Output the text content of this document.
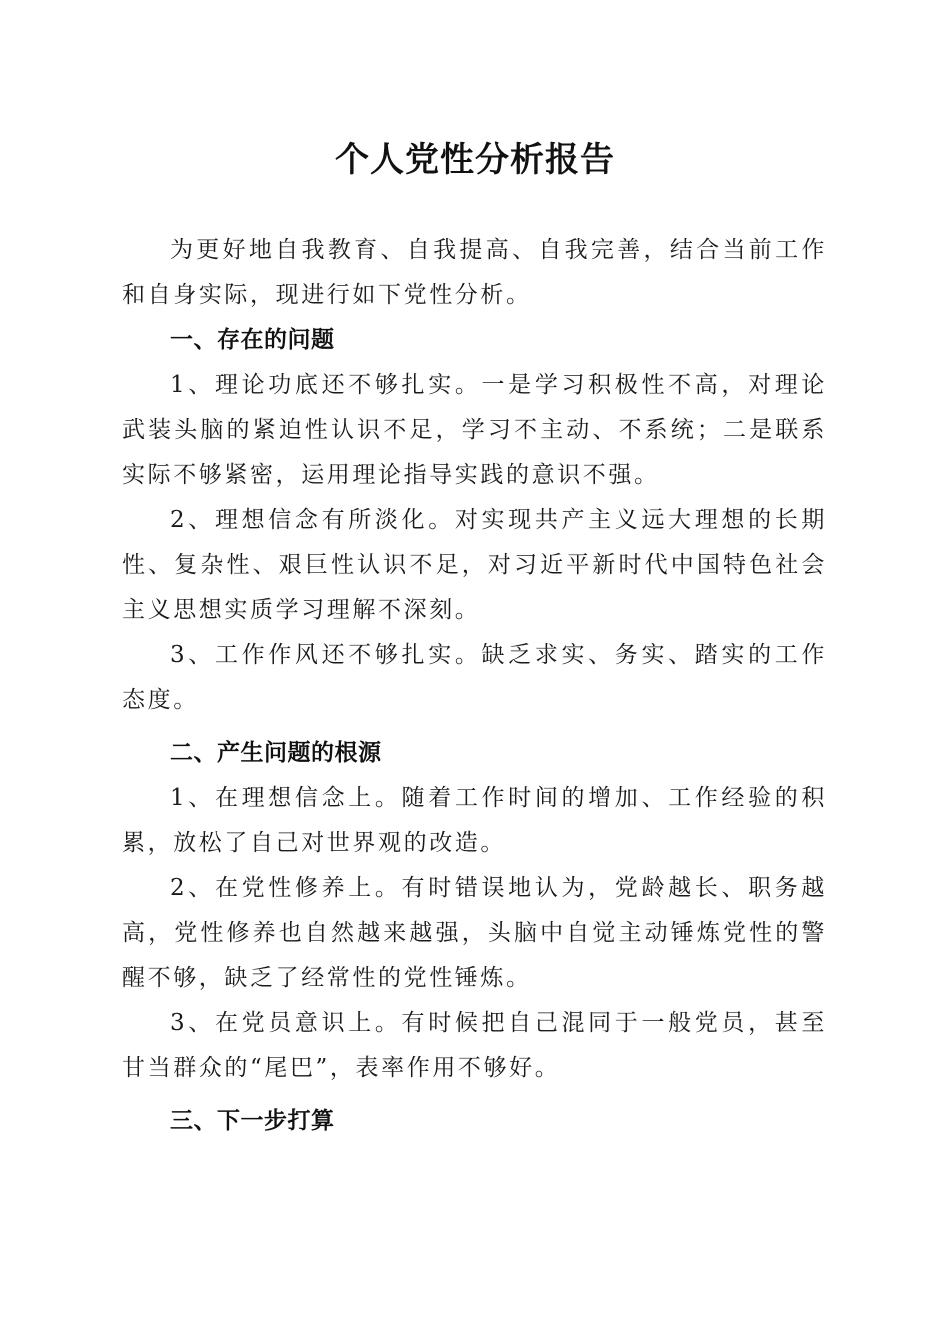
个人党性分析报告

为更好地自我教育、自我提高、自我完善，结合当前工作和自身实际，现进行如下党性分析。

一、存在的问题

1、理论功底还不够扎实。一是学习积极性不高，对理论武装头脑的紧迫性认识不足，学习不主动、不系统；二是联系实际不够紧密，运用理论指导实践的意识不强。

2、理想信念有所淡化。对实现共产主义远大理想的长期性、复杂性、艰巨性认识不足，对习近平新时代中国特色社会主义思想实质学习理解不深刻。

3、工作作风还不够扎实。缺乏求实、务实、踏实的工作态度。

二、产生问题的根源

1、在理想信念上。随着工作时间的增加、工作经验的积累，放松了自己对世界观的改造。

2、在党性修养上。有时错误地认为，党龄越长、职务越高，党性修养也自然越来越强，头脑中自觉主动锤炼党性的警醒不够，缺乏了经常性的党性锤炼。

3、在党员意识上。有时候把自己混同于一般党员，甚至甘当群众的“尾巴”，表率作用不够好。

三、下一步打算
